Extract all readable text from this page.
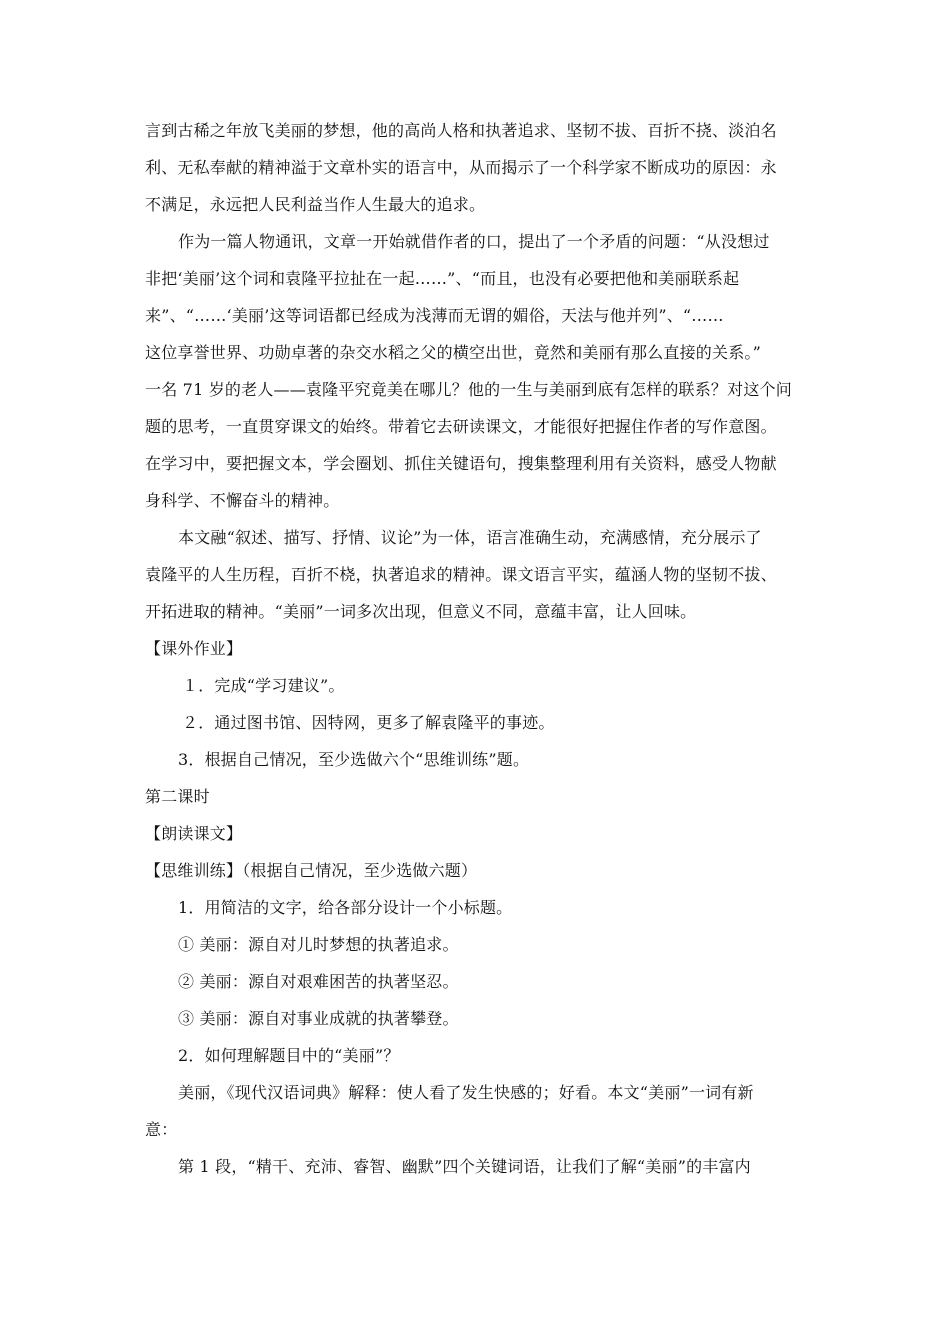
言到古稀之年放飞美丽的梦想，他的高尚人格和执著追求、坚韧不拔、百折不挠、淡泊名
利、无私奉献的精神溢于文章朴实的语言中，从而揭示了一个科学家不断成功的原因：永
不满足，永远把人民利益当作人生最大的追求。
作为一篇人物通讯，文章一开始就借作者的口，提出了一个矛盾的问题：“从没想过
非把‘美丽’这个词和袁隆平拉扯在一起……”、“而且，也没有必要把他和美丽联系起
来”、“……‘美丽’这等词语都已经成为浅薄而无谓的媚俗，天法与他并列”、“……
这位享誉世界、功勋卓著的杂交水稻之父的横空出世，竟然和美丽有那么直接的关系。”
一名 71 岁的老人——袁隆平究竟美在哪儿？他的一生与美丽到底有怎样的联系？对这个问
题的思考，一直贯穿课文的始终。带着它去研读课文，才能很好把握住作者的写作意图。
在学习中，要把握文本，学会圈划、抓住关键语句，搜集整理利用有关资料，感受人物献
身科学、不懈奋斗的精神。
本文融“叙述、描写、抒情、议论”为一体，语言准确生动，充满感情，充分展示了
袁隆平的人生历程，百折不桡，执著追求的精神。课文语言平实，蕴涵人物的坚韧不拔、
开拓进取的精神。“美丽”一词多次出现，但意义不同，意蕴丰富，让人回味。
【课外作业】
１．完成“学习建议”。
２．通过图书馆、因特网，更多了解袁隆平的事迹。
3．根据自己情况，至少选做六个“思维训练”题。
第二课时
【朗读课文】
【思维训练】（根据自己情况，至少选做六题）
1．用简洁的文字，给各部分设计一个小标题。
① 美丽：源自对儿时梦想的执著追求。
② 美丽：源自对艰难困苦的执著坚忍。
③ 美丽：源自对事业成就的执著攀登。
2．如何理解题目中的“美丽”？
美丽，《现代汉语词典》解释：使人看了发生快感的；好看。本文“美丽”一词有新
意：
第 1 段，“精干、充沛、睿智、幽默”四个关键词语，让我们了解“美丽”的丰富内
